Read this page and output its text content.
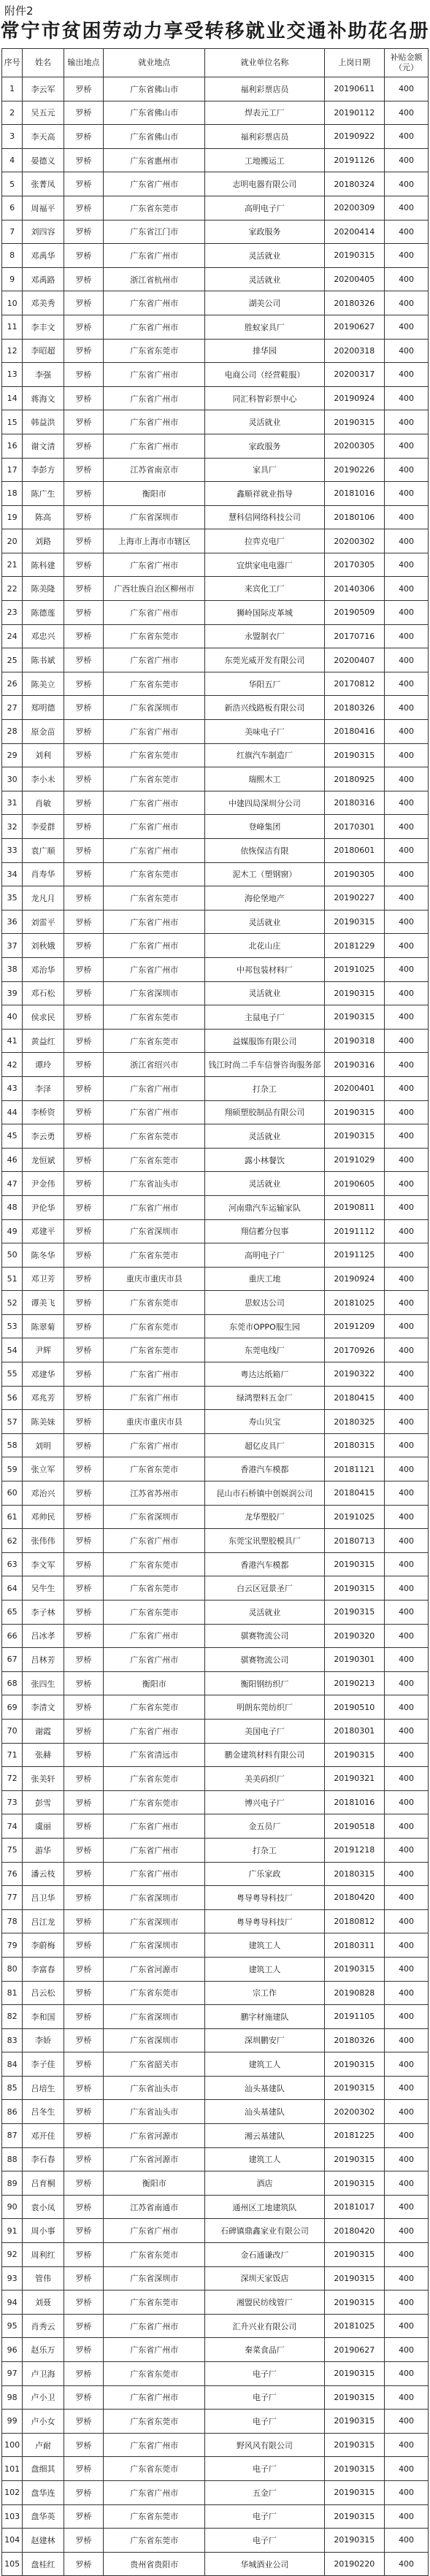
附件2
常宁市贫困劳动力享受转移就业交通补助花名册
序号	姓名	输出地点	就业地点	就业单位名称	上岗日期	补贴金额（元）
1	李云军	罗桥	广东省佛山市	福利彩票店员	20190611	400
2	吴五元	罗桥	广东省佛山市	焊表元工厂	20190112	400
3	李天高	罗桥	广东省佛山市	福利彩票店员	20190922	400
4	晏德义	罗桥	广东省惠州市	工地搬运工	20191126	400
5	张菁凤	罗桥	广东省广州市	志明电器有限公司	20180324	400
6	周福平	罗桥	广东省东莞市	高明电子厂	20200309	400
7	刘四容	罗桥	广东省江门市	家政服务	20200414	400
8	邓禹华	罗桥	广东省广州市	灵活就业	20190315	400
9	邓禹路	罗桥	浙江省杭州市	灵活就业	20200405	400
10	邓美秀	罗桥	广东省广州市	湖美公司	20180326	400
11	李丰文	罗桥	广东省广州市	胜蚁家具厂	20190627	400
12	李昭超	罗桥	广东省东莞市	排华园	20200318	400
13	李强	罗桥	广东省广州市	电商公司（经营鞋服）	20200317	400
14	蒋海文	罗桥	广东省广州市	同汇科智彩票中心	20190924	400
15	韩益洪	罗桥	广东省广州市	灵活就业	20190315	400
16	谢文清	罗桥	广东省广州市	家政服务	20200305	400
17	李彭方	罗桥	江苏省南京市	家具厂	20190226	400
18	陈广生	罗桥	衡阳市	鑫顺祥就业指导	20181016	400
19	陈高	罗桥	广东省深圳市	慧科信网络科技公司	20180106	400
20	刘路	罗桥	上海市上海市市辖区	拉弈克电厂	20200302	400
21	陈科建	罗桥	广东省广州市	宜烘家电电器厂	20170305	400
22	陈美隆	罗桥	广西壮族自治区柳州市	来宾化工厂	20140306	400
23	陈德莲	罗桥	广东省广州市	狮岭国际皮革城	20190509	400
24	邓忠兴	罗桥	广东省东莞市	永盟制衣厂	20170716	400
25	陈书斌	罗桥	广东省广州市	东莞光威开发有限公司	20200407	400
26	陈美立	罗桥	广东省东莞市	华阳五厂	20170812	400
27	郑明德	罗桥	广东省深圳市	新浩兴线路板有限公司	20180326	400
28	原金苗	罗桥	广东省广州市	美味电子厂	20180416	400
29	刘利	罗桥	广东省东莞市	红旗汽车制造厂	20190315	400
30	李小未	罗桥	广东省东莞市	瑞熙木工	20180925	400
31	肖敏	罗桥	广东省广州市	中建四局深圳分公司	20180316	400
32	李爱群	罗桥	广东省广州市	登峰集团	20170301	400
33	袁广顺	罗桥	广东省广州市	依恢保洁有限	20180601	400
34	肖寿华	罗桥	广东省东莞市	泥木工（塑钢窗）	20190305	400
35	龙凡月	罗桥	广东省东莞市	海伦堡地产	20190227	400
36	刘雷平	罗桥	广东省广州市	灵活就业	20190315	400
37	刘秋娥	罗桥	广东省广州市	北花山庄	20181229	400
38	邓治华	罗桥	广东省广州市	中邦包装材料厂	20191025	400
39	邓石松	罗桥	广东省深圳市	灵活就业	20190315	400
40	侯求民	罗桥	广东省东莞市	主鼠电子厂	20190315	400
41	黄益红	罗桥	广东省东莞市	益媒服饰有限公司	20190318	400
42	谭玲	罗桥	浙江省绍兴市	钱江时尚二手车信誉咨询服务部	20190316	400
43	李泽	罗桥	广东省广州市	打杂工	20200401	400
44	李桥资	罗桥	广东省广州市	翔硕塑胶制品有限公司	20190315	400
45	李云勇	罗桥	广东省东莞市	灵活就业	20190315	400
46	龙恒斌	罗桥	广东省东莞市	露小林餐饮	20191029	400
47	尹金伟	罗桥	广东省汕头市	灵活就业	20190605	400
48	尹伦华	罗桥	广东省广州市	河南鼎汽车运输家队	20190811	400
49	邓建平	罗桥	广东省深圳市	翔信蓄分包事	20191112	400
50	陈冬华	罗桥	广东省东莞市	高明电子厂	20191125	400
51	邓卫芳	罗桥	重庆市重庆市县	重庆工地	20190924	400
52	谭美飞	罗桥	广东省东莞市	思蚁达公司	20181025	400
53	陈翠菊	罗桥	广东省东莞市	东莞市OPPO服生园	20191209	400
54	尹辉	罗桥	广东省东莞市	东莞电线厂	20170926	400
55	邓建华	罗桥	广东省广州市	粤达达纸箱厂	20190322	400
56	邓兆芳	罗桥	广东省广州市	绿鸿塑料五金厂	20180415	400
57	陈美妹	罗桥	重庆市重庆市县	寿山贝宝	20180325	400
58	刘明	罗桥	广东省广州市	超亿皮具厂	20180315	400
59	张立军	罗桥	广东省东莞市	香港汽车模都	20181121	400
60	邓治兴	罗桥	江苏省苏州市	昆山市石桥镇中创娱润公司	20180415	400
61	邓帅民	罗桥	广东省深圳市	龙华塑胶厂	20191025	400
62	张伟伟	罗桥	广东省广州市	东莞宝讯塑胶模具厂	20180713	400
63	李文军	罗桥	广东省东莞市	香港汽车模都	20190315	400
64	吴牛生	罗桥	广东省东莞市	白云区冠景圣厂	20190315	400
65	李子林	罗桥	广东省东莞市	灵活就业	20190315	400
66	吕冰孝	罗桥	广东省广州市	骐赛物流公司	20190320	400
67	吕林芳	罗桥	广东省广州市	骐赛物流公司	20190301	400
68	张四生	罗桥	衡阳市	衡阳钢纺织厂	20190213	400
69	李清文	罗桥	广东省东莞市	明朗东莞纺织厂	20190510	400
70	谢霞	罗桥	广东省广州市	美国电子厂	20180301	400
71	张赫	罗桥	广东省清远市	鹏金建筑材料有限公司	20190315	400
72	张美轩	罗桥	广东省东莞市	美美码织厂	20190321	400
73	彭雪	罗桥	广东省东莞市	博兴电子厂	20181016	400
74	虞丽	罗桥	广东省广州市	金五员厂	20190518	400
75	游华	罗桥	广东省广州市	打杂工	20191218	400
76	潘云枝	罗桥	广东省广州市	广乐家政	20180315	400
77	吕卫华	罗桥	广东省深圳市	粤导粤导科技厂	20180420	400
78	吕江龙	罗桥	广东省深圳市	粤导粤导科技厂	20180812	400
79	李蔚梅	罗桥	广东省深圳市	建筑工人	20180311	400
80	李富春	罗桥	广东省河源市	建筑工人	20190315	400
81	吕云松	罗桥	广东省东莞市	宗工作	20190828	400
82	李和国	罗桥	广东省深圳市	鹏字材施建队	20191105	400
83	李娇	罗桥	广东省深圳市	深圳鹏安厂	20180326	400
84	李子佳	罗桥	广东省韶关市	建筑工人	20190315	400
85	吕培生	罗桥	广东省汕头市	汕头基建队	20190315	400
86	吕冬生	罗桥	广东省汕头市	汕头基建队	20200302	400
87	邓开佳	罗桥	广东省河源市	湘云基建队	20181225	400
88	李石春	罗桥	广东省河源市	建筑工人	20190315	400
89	吕育桐	罗桥	衡阳市	酒店	20190315	400
90	袁小凤	罗桥	江苏省南通市	通州区工地建筑队	20181017	400
91	周小事	罗桥	广东省广州市	石碑镇鼎鑫家业有限公司	20180420	400
92	周利红	罗桥	广东省东莞市	金石通谦改厂	20190315	400
93	管伟	罗桥	广东省深圳市	深圳天家饭店	20190315	400
94	刘聂	罗桥	广东省东莞市	湘盟民纺线管厂	20190315	400
95	肖秀云	罗桥	广东省广州市	汇升兴业有限公司	20181025	400
96	赵乐万	罗桥	广东省广州市	秦菜食品厂	20190627	400
97	卢卫海	罗桥	广东省东莞市	电子厂	20190315	400
98	卢小卫	罗桥	广东省广州市	电子厂	20190315	400
99	卢小女	罗桥	广东省东莞市	电子厂	20190315	400
100	卢耐	罗桥	广东省广州市	野风风有限公司	20190315	400
101	盘细其	罗桥	广东省东莞市	电子厂	20190315	400
102	盘华连	罗桥	广东省广州市	五金厂	20190315	400
103	盘华英	罗桥	广东省东莞市	电子厂	20190315	400
104	赵建林	罗桥	广东省东莞市	电子厂	20190315	400
105	盘桂红	罗桥	贵州省贵阳市	华城酒业公司	20190220	400
